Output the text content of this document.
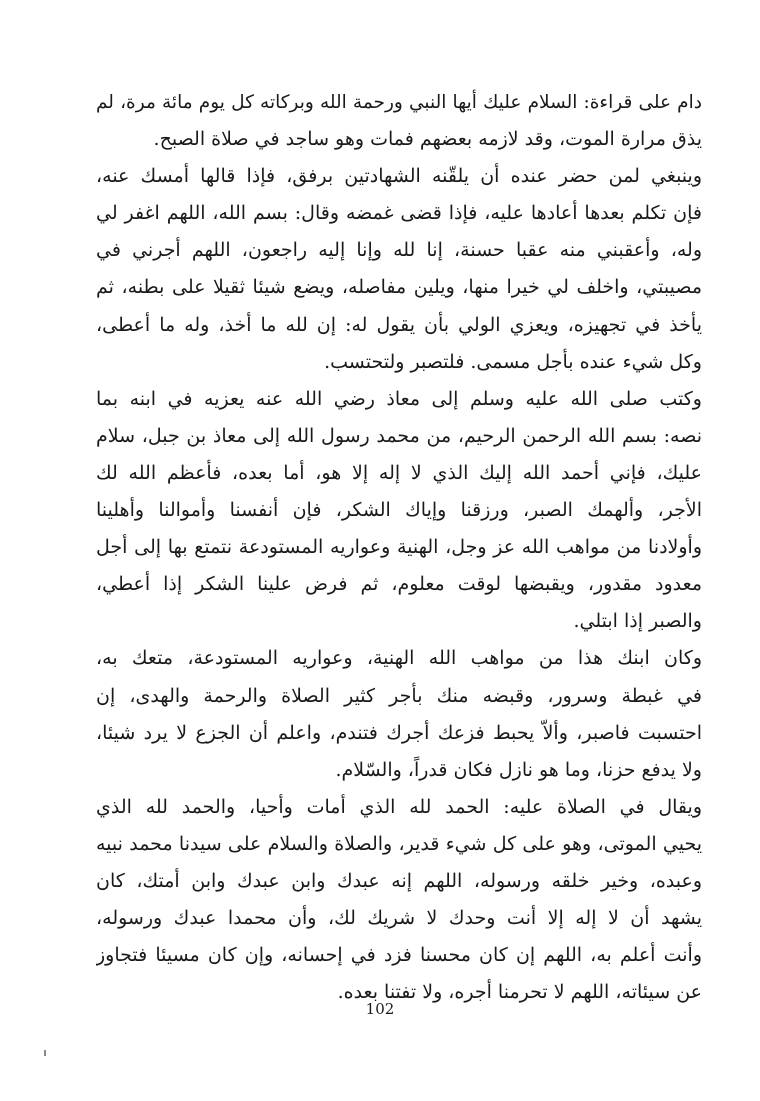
دام على قراءة: السلام عليك أيها النبي ورحمة الله وبركاته كل يوم مائة مرة، لم
يذق مرارة الموت، وقد لازمه بعضهم فمات وهو ساجد في صلاة الصبح.
وينبغي لمن حضر عنده أن يلقّنه الشهادتين برفق، فإذا قالها أمسك عنه،
فإن تكلم بعدها أعادها عليه، فإذا قضى غمضه وقال: بسم الله، اللهم اغفر لي
وله، وأعقبني منه عقبا حسنة، إنا لله وإنا إليه راجعون، اللهم أجرني في
مصيبتي، واخلف لي خيرا منها، ويلين مفاصله، ويضع شيئا ثقيلا على بطنه، ثم
يأخذ في تجهيزه، ويعزي الولي بأن يقول له: إن لله ما أخذ، وله ما أعطى،
وكل شيء عنده بأجل مسمى. فلتصبر ولتحتسب.
وكتب صلى الله عليه وسلم إلى معاذ رضي الله عنه يعزيه في ابنه بما
نصه: بسم الله الرحمن الرحيم، من محمد رسول الله إلى معاذ بن جبل، سلام
عليك، فإني أحمد الله إليك الذي لا إله إلا هو، أما بعده، فأعظم الله لك
الأجر، وألهمك الصبر، ورزقنا وإياك الشكر، فإن أنفسنا وأموالنا وأهلينا
وأولادنا من مواهب الله عز وجل، الهنية وعواريه المستودعة نتمتع بها إلى أجل
معدود مقدور، ويقبضها لوقت معلوم، ثم فرض علينا الشكر إذا أعطي،
والصبر إذا ابتلي.
وكان ابنك هذا من مواهب الله الهنية، وعواريه المستودعة، متعك به،
في غبطة وسرور، وقبضه منك بأجر كثير الصلاة والرحمة والهدى، إن
احتسبت فاصبر، وألاّ يحبط فزعك أجرك فتندم، واعلم أن الجزع لا يرد شيئا،
ولا يدفع حزنا، وما هو نازل فكان قدراً، والسّلام.
ويقال في الصلاة عليه: الحمد لله الذي أمات وأحيا، والحمد لله الذي
يحيي الموتى، وهو على كل شيء قدير، والصلاة والسلام على سيدنا محمد نبيه
وعبده، وخير خلقه ورسوله، اللهم إنه عبدك وابن عبدك وابن أمتك، كان
يشهد أن لا إله إلا أنت وحدك لا شريك لك، وأن محمدا عبدك ورسوله،
وأنت أعلم به، اللهم إن كان محسنا فزد في إحسانه، وإن كان مسيئا فتجاوز
عن سيئاته، اللهم لا تحرمنا أجره، ولا تفتنا بعده.
102
